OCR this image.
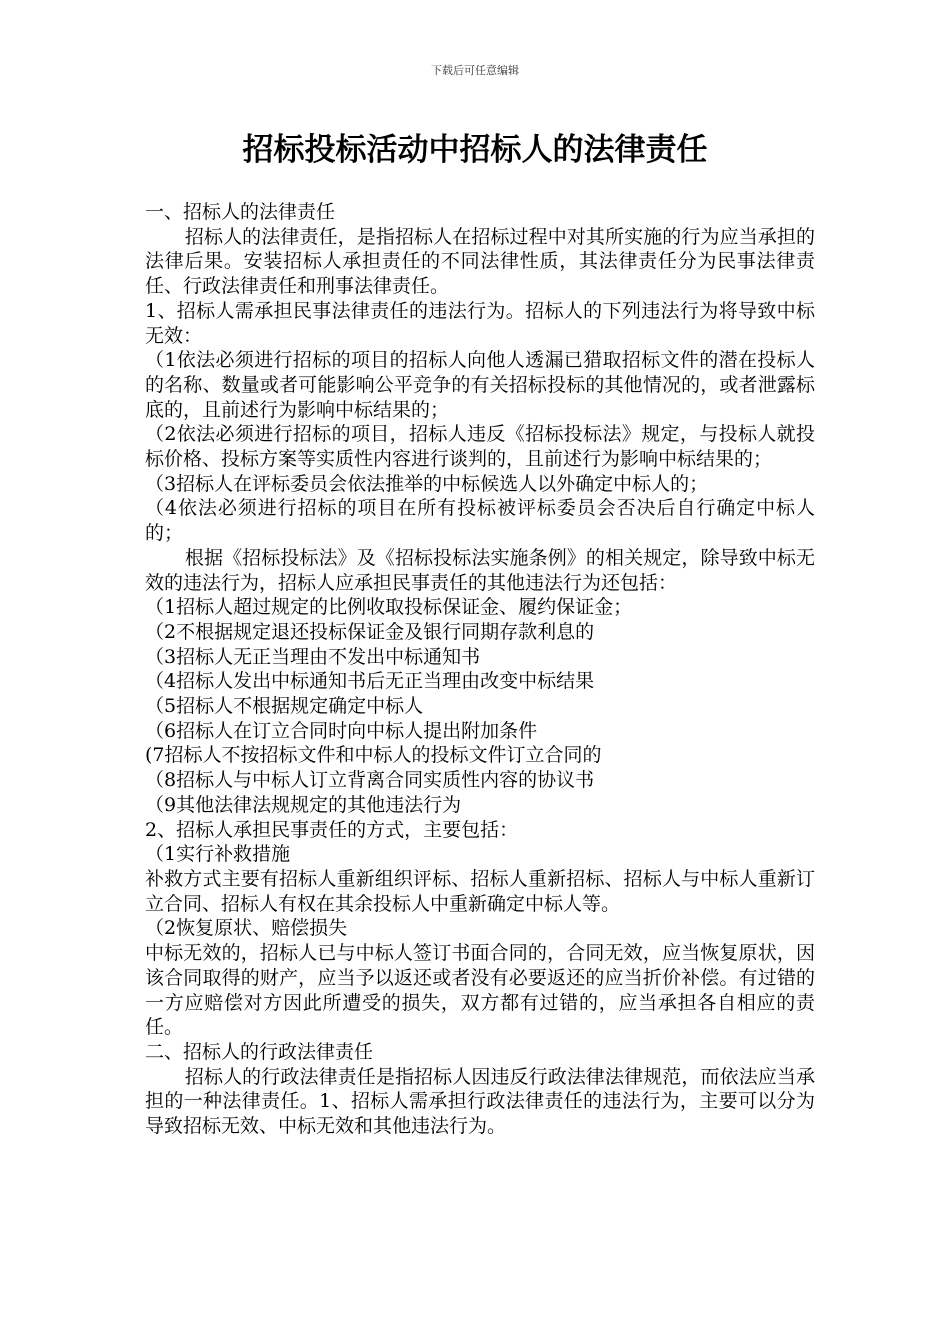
下载后可任意编辑
招标投标活动中招标人的法律责任

一、招标人的法律责任

招标人的法律责任，是指招标人在招标过程中对其所实施的行为应当承担的法律后果。安装招标人承担责任的不同法律性质，其法律责任分为民事法律责任、行政法律责任和刑事法律责任。

1、招标人需承担民事法律责任的违法行为。招标人的下列违法行为将导致中标无效：

（1依法必须进行招标的项目的招标人向他人透漏已猎取招标文件的潜在投标人的名称、数量或者可能影响公平竞争的有关招标投标的其他情况的，或者泄露标底的，且前述行为影响中标结果的；

（2依法必须进行招标的项目，招标人违反《招标投标法》规定，与投标人就投标价格、投标方案等实质性内容进行谈判的，且前述行为影响中标结果的；

（3招标人在评标委员会依法推举的中标候选人以外确定中标人的；

（4依法必须进行招标的项目在所有投标被评标委员会否决后自行确定中标人的；

根据《招标投标法》及《招标投标法实施条例》的相关规定，除导致中标无效的违法行为，招标人应承担民事责任的其他违法行为还包括：

（1招标人超过规定的比例收取投标保证金、履约保证金；

（2不根据规定退还投标保证金及银行同期存款利息的

（3招标人无正当理由不发出中标通知书

（4招标人发出中标通知书后无正当理由改变中标结果

（5招标人不根据规定确定中标人

（6招标人在订立合同时向中标人提出附加条件

(7招标人不按招标文件和中标人的投标文件订立合同的

（8招标人与中标人订立背离合同实质性内容的协议书

（9其他法律法规规定的其他违法行为

2、招标人承担民事责任的方式，主要包括：

（1实行补救措施

补救方式主要有招标人重新组织评标、招标人重新招标、招标人与中标人重新订立合同、招标人有权在其余投标人中重新确定中标人等。

（2恢复原状、赔偿损失

中标无效的，招标人已与中标人签订书面合同的，合同无效，应当恢复原状，因该合同取得的财产，应当予以返还或者没有必要返还的应当折价补偿。有过错的一方应赔偿对方因此所遭受的损失，双方都有过错的，应当承担各自相应的责任。

二、招标人的行政法律责任

招标人的行政法律责任是指招标人因违反行政法律法律规范，而依法应当承担的一种法律责任。1、招标人需承担行政法律责任的违法行为，主要可以分为导致招标无效、中标无效和其他违法行为。
